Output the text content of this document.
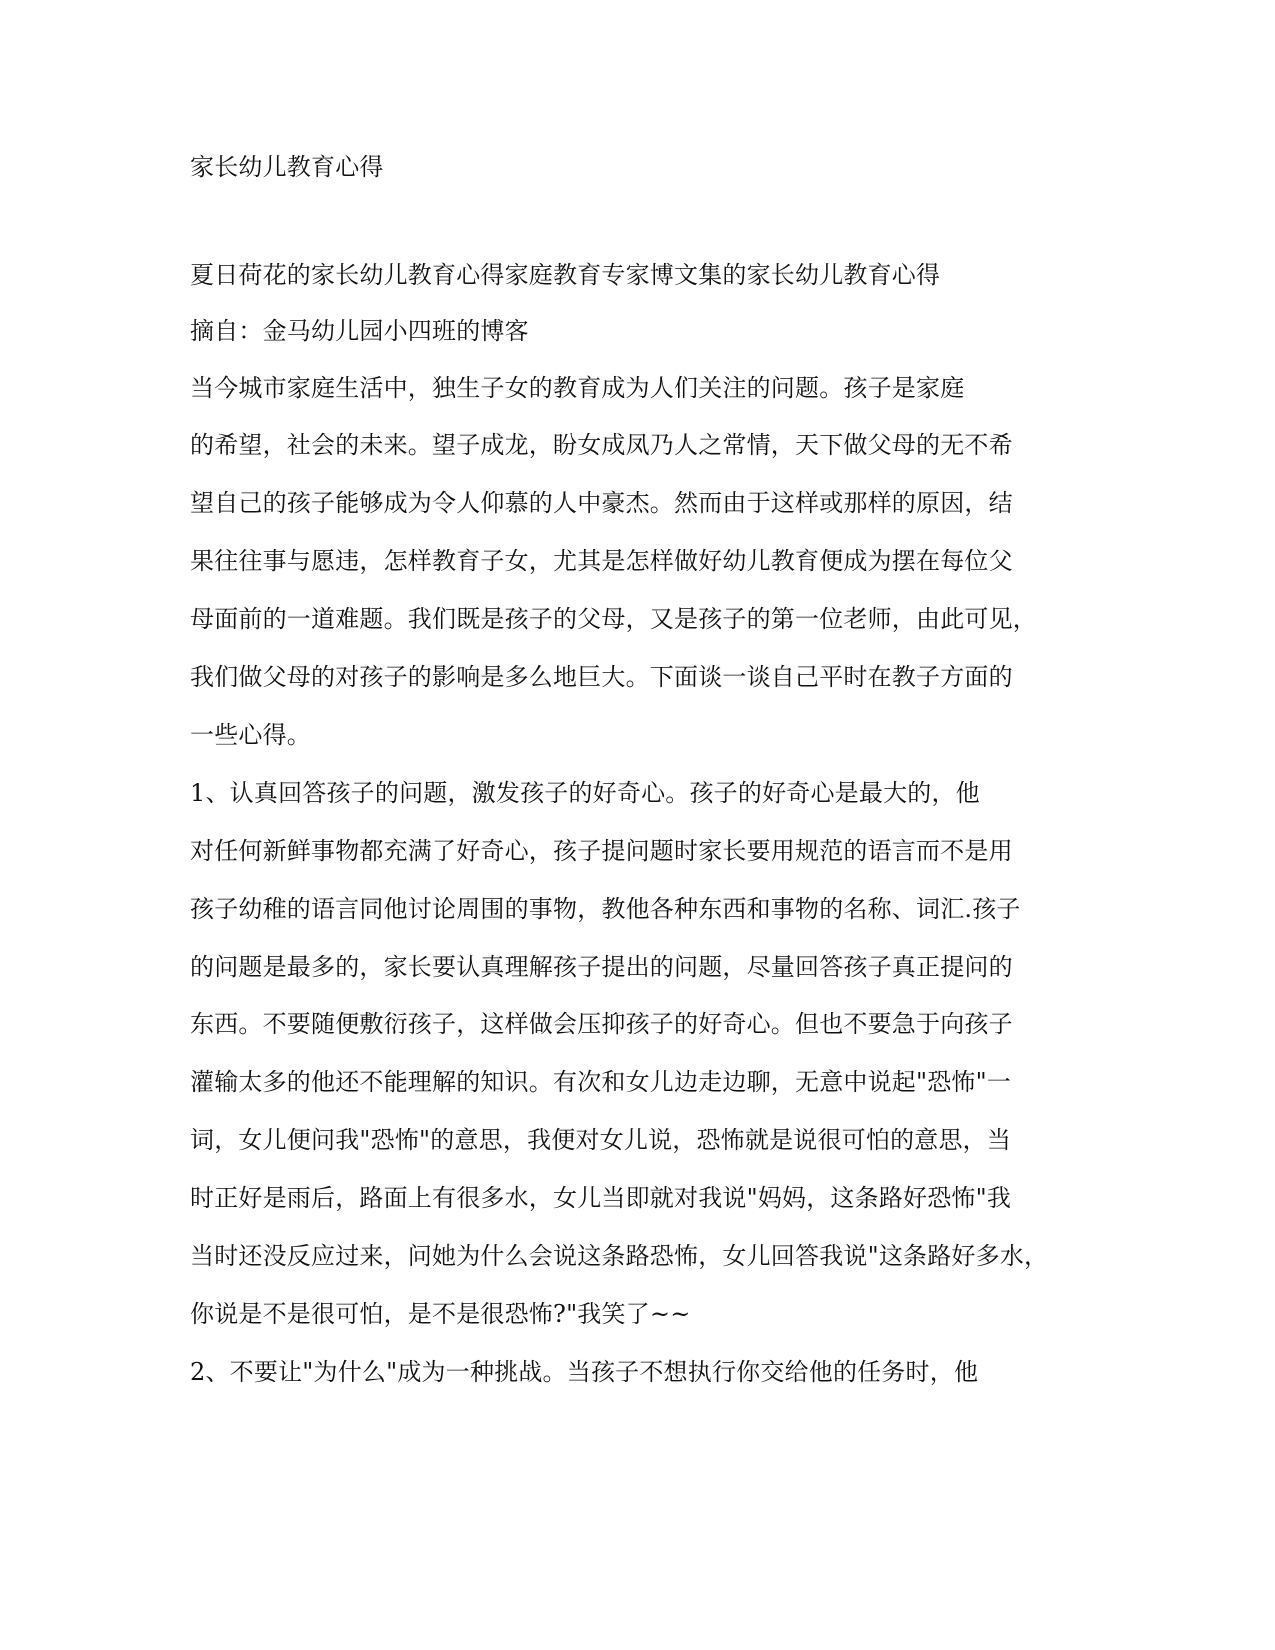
家长幼儿教育心得
夏日荷花的家长幼儿教育心得家庭教育专家博文集的家长幼儿教育心得
摘自：金马幼儿园小四班的博客
当今城市家庭生活中，独生子女的教育成为人们关注的问题。孩子是家庭
的希望，社会的未来。望子成龙，盼女成凤乃人之常情，天下做父母的无不希
望自己的孩子能够成为令人仰慕的人中豪杰。然而由于这样或那样的原因，结
果往往事与愿违，怎样教育子女，尤其是怎样做好幼儿教育便成为摆在每位父
母面前的一道难题。我们既是孩子的父母，又是孩子的第一位老师，由此可见，
我们做父母的对孩子的影响是多么地巨大。下面谈一谈自己平时在教子方面的
一些心得。
1、认真回答孩子的问题，激发孩子的好奇心。孩子的好奇心是最大的，他
对任何新鲜事物都充满了好奇心，孩子提问题时家长要用规范的语言而不是用
孩子幼稚的语言同他讨论周围的事物，教他各种东西和事物的名称、词汇.孩子
的问题是最多的，家长要认真理解孩子提出的问题，尽量回答孩子真正提问的
东西。不要随便敷衍孩子，这样做会压抑孩子的好奇心。但也不要急于向孩子
灌输太多的他还不能理解的知识。有次和女儿边走边聊，无意中说起"恐怖"一
词，女儿便问我"恐怖"的意思，我便对女儿说，恐怖就是说很可怕的意思，当
时正好是雨后，路面上有很多水，女儿当即就对我说"妈妈，这条路好恐怖"我
当时还没反应过来，问她为什么会说这条路恐怖，女儿回答我说"这条路好多水，
你说是不是很可怕，是不是很恐怖?"我笑了~~
2、不要让"为什么"成为一种挑战。当孩子不想执行你交给他的任务时，他
